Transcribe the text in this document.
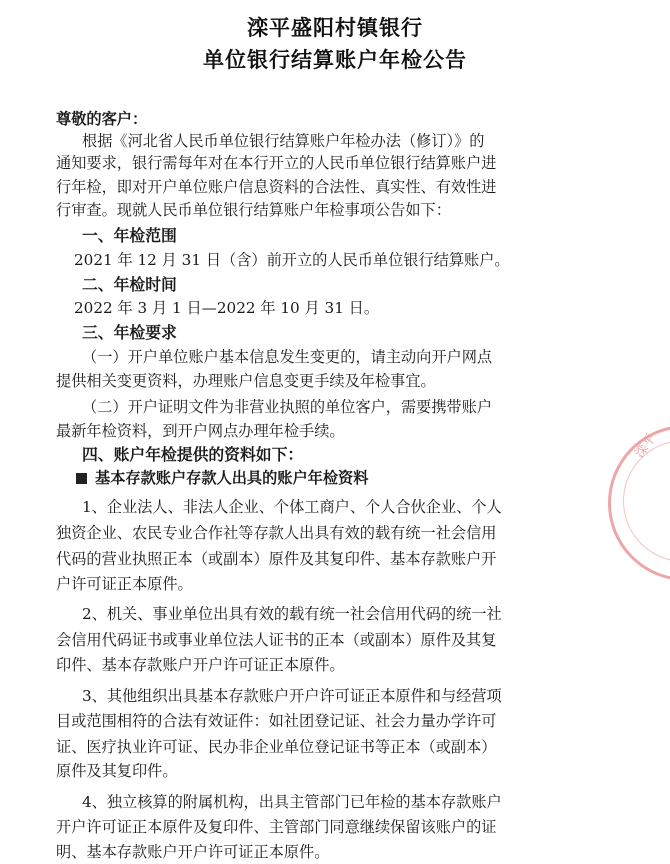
滦平盛阳村镇银行
单位银行结算账户年检公告
尊敬的客户：
根据《河北省人民币单位银行结算账户年检办法（修订）》的
通知要求，银行需每年对在本行开立的人民币单位银行结算账户进
行年检，即对开户单位账户信息资料的合法性、真实性、有效性进
行审查。现就人民币单位银行结算账户年检事项公告如下：
一、年检范围
2021 年 12 月 31 日（含）前开立的人民币单位银行结算账户。
二、年检时间
2022 年 3 月 1 日—2022 年 10 月 31 日。
三、年检要求
（一）开户单位账户基本信息发生变更的，请主动向开户网点
提供相关变更资料，办理账户信息变更手续及年检事宜。
（二）开户证明文件为非营业执照的单位客户，需要携带账户
最新年检资料，到开户网点办理年检手续。
四、账户年检提供的资料如下：
基本存款账户存款人出具的账户年检资料
1、企业法人、非法人企业、个体工商户、个人合伙企业、个人
独资企业、农民专业合作社等存款人出具有效的载有统一社会信用
代码的营业执照正本（或副本）原件及其复印件、基本存款账户开
户许可证正本原件。
2、机关、事业单位出具有效的载有统一社会信用代码的统一社
会信用代码证书或事业单位法人证书的正本（或副本）原件及其复
印件、基本存款账户开户许可证正本原件。
3、其他组织出具基本存款账户开户许可证正本原件和与经营项
目或范围相符的合法有效证件：如社团登记证、社会力量办学许可
证、医疗执业许可证、民办非企业单位登记证书等正本（或副本）
原件及其复印件。
4、独立核算的附属机构，出具主管部门已年检的基本存款账户
开户许可证正本原件及复印件、主管部门同意继续保留该账户的证
明、基本存款账户开户许可证正本原件。
滦平
